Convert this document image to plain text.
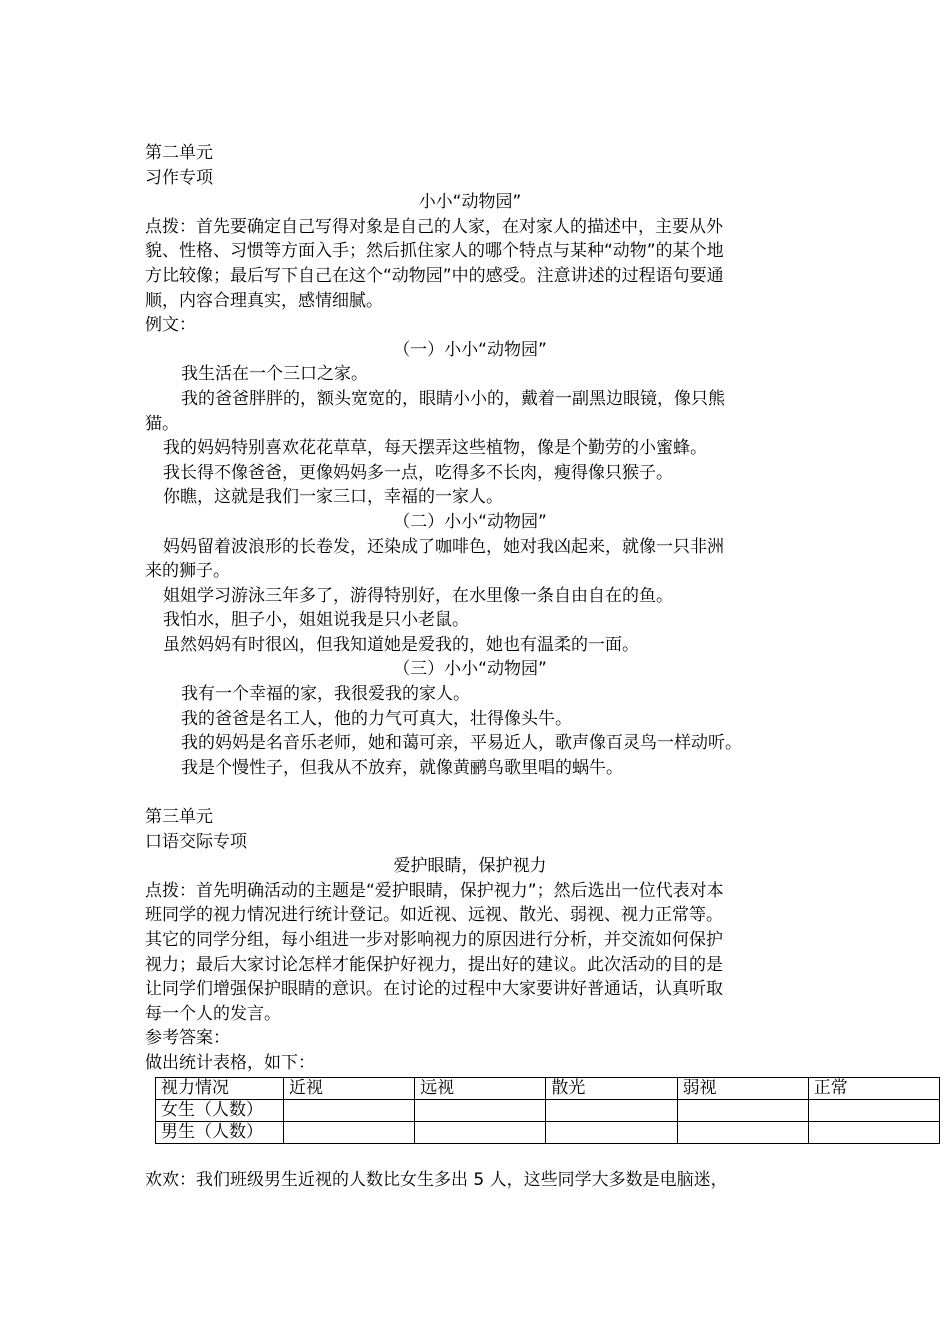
第二单元
习作专项
小小“动物园”
点拨：首先要确定自己写得对象是自己的人家，在对家人的描述中，主要从外
貌、性格、习惯等方面入手；然后抓住家人的哪个特点与某种“动物”的某个地
方比较像；最后写下自己在这个“动物园”中的感受。注意讲述的过程语句要通
顺，内容合理真实，感情细腻。
例文：
（一）小小“动物园”
我生活在一个三口之家。
我的爸爸胖胖的，额头宽宽的，眼睛小小的，戴着一副黑边眼镜，像只熊
猫。
我的妈妈特别喜欢花花草草，每天摆弄这些植物，像是个勤劳的小蜜蜂。
我长得不像爸爸，更像妈妈多一点，吃得多不长肉，瘦得像只猴子。
你瞧，这就是我们一家三口，幸福的一家人。
（二）小小“动物园”
妈妈留着波浪形的长卷发，还染成了咖啡色，她对我凶起来，就像一只非洲
来的狮子。
姐姐学习游泳三年多了，游得特别好，在水里像一条自由自在的鱼。
我怕水，胆子小，姐姐说我是只小老鼠。
虽然妈妈有时很凶，但我知道她是爱我的，她也有温柔的一面。
（三）小小“动物园”
我有一个幸福的家，我很爱我的家人。
我的爸爸是名工人，他的力气可真大，壮得像头牛。
我的妈妈是名音乐老师，她和蔼可亲，平易近人，歌声像百灵鸟一样动听。
我是个慢性子，但我从不放弃，就像黄鹂鸟歌里唱的蜗牛。
第三单元
口语交际专项
爱护眼睛，保护视力
点拨：首先明确活动的主题是“爱护眼睛，保护视力”；然后选出一位代表对本
班同学的视力情况进行统计登记。如近视、远视、散光、弱视、视力正常等。
其它的同学分组，每小组进一步对影响视力的原因进行分析，并交流如何保护
视力；最后大家讨论怎样才能保护好视力，提出好的建议。此次活动的目的是
让同学们增强保护眼睛的意识。在讨论的过程中大家要讲好普通话，认真听取
每一个人的发言。
参考答案：
做出统计表格，如下：
视力情况	近视	远视	散光	弱视	正常
女生（人数）					
男生（人数）					
欢欢：我们班级男生近视的人数比女生多出 5 人，这些同学大多数是电脑迷，
